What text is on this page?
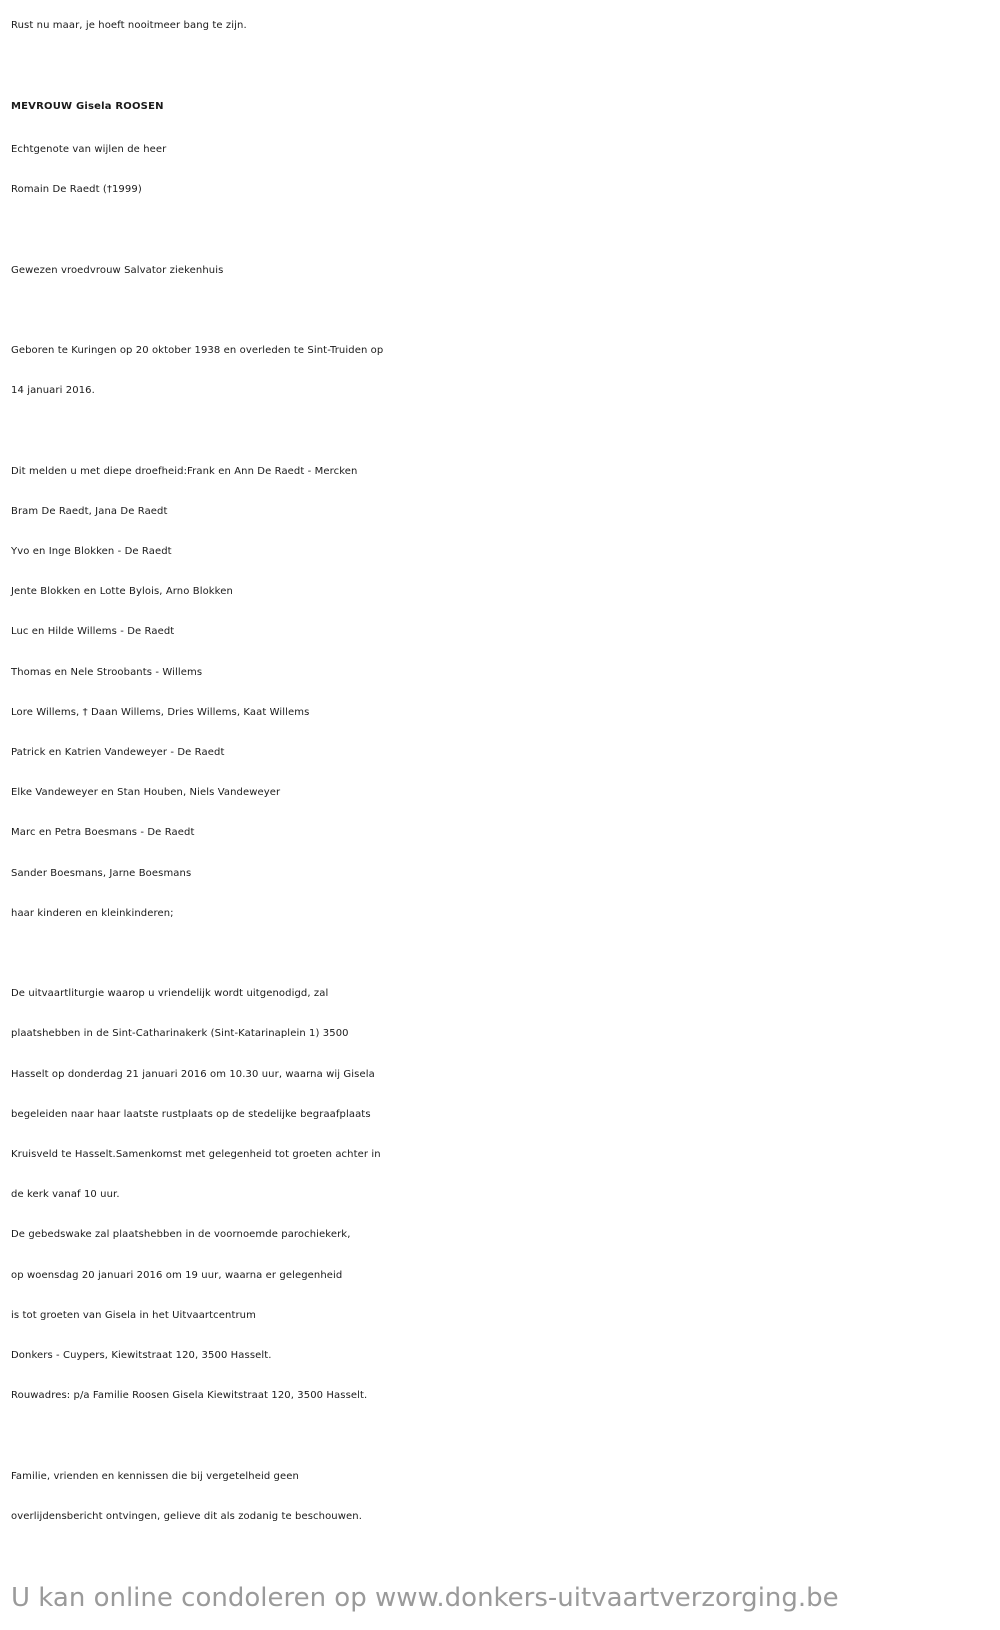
Rust nu maar, je hoeft nooitmeer bang te zijn.
MEVROUW Gisela ROOSEN
Echtgenote van wijlen de heer
Romain De Raedt (†1999)
Gewezen vroedvrouw Salvator ziekenhuis
Geboren te Kuringen op 20 oktober 1938 en overleden te Sint-Truiden op
14 januari 2016.
Dit melden u met diepe droefheid:Frank en Ann De Raedt - Mercken
Bram De Raedt, Jana De Raedt
Yvo en Inge Blokken - De Raedt
Jente Blokken en Lotte Bylois, Arno Blokken
Luc en Hilde Willems - De Raedt
Thomas en Nele Stroobants - Willems
Lore Willems, † Daan Willems, Dries Willems, Kaat Willems
Patrick en Katrien Vandeweyer - De Raedt
Elke Vandeweyer en Stan Houben, Niels Vandeweyer
Marc en Petra Boesmans - De Raedt
Sander Boesmans, Jarne Boesmans
haar kinderen en kleinkinderen;
De uitvaartliturgie waarop u vriendelijk wordt uitgenodigd, zal
plaatshebben in de Sint-Catharinakerk (Sint-Katarinaplein 1) 3500
Hasselt op donderdag 21 januari 2016 om 10.30 uur, waarna wij Gisela
begeleiden naar haar laatste rustplaats op de stedelijke begraafplaats
Kruisveld te Hasselt.Samenkomst met gelegenheid tot groeten achter in
de kerk vanaf 10 uur.
De gebedswake zal plaatshebben in de voornoemde parochiekerk,
op woensdag 20 januari 2016 om 19 uur, waarna er gelegenheid
is tot groeten van Gisela in het Uitvaartcentrum
Donkers - Cuypers, Kiewitstraat 120, 3500 Hasselt.
Rouwadres: p/a Familie Roosen Gisela Kiewitstraat 120, 3500 Hasselt.
Familie, vrienden en kennissen die bij vergetelheid geen
overlijdensbericht ontvingen, gelieve dit als zodanig te beschouwen.
U kan online condoleren op www.donkers-uitvaartverzorging.be
